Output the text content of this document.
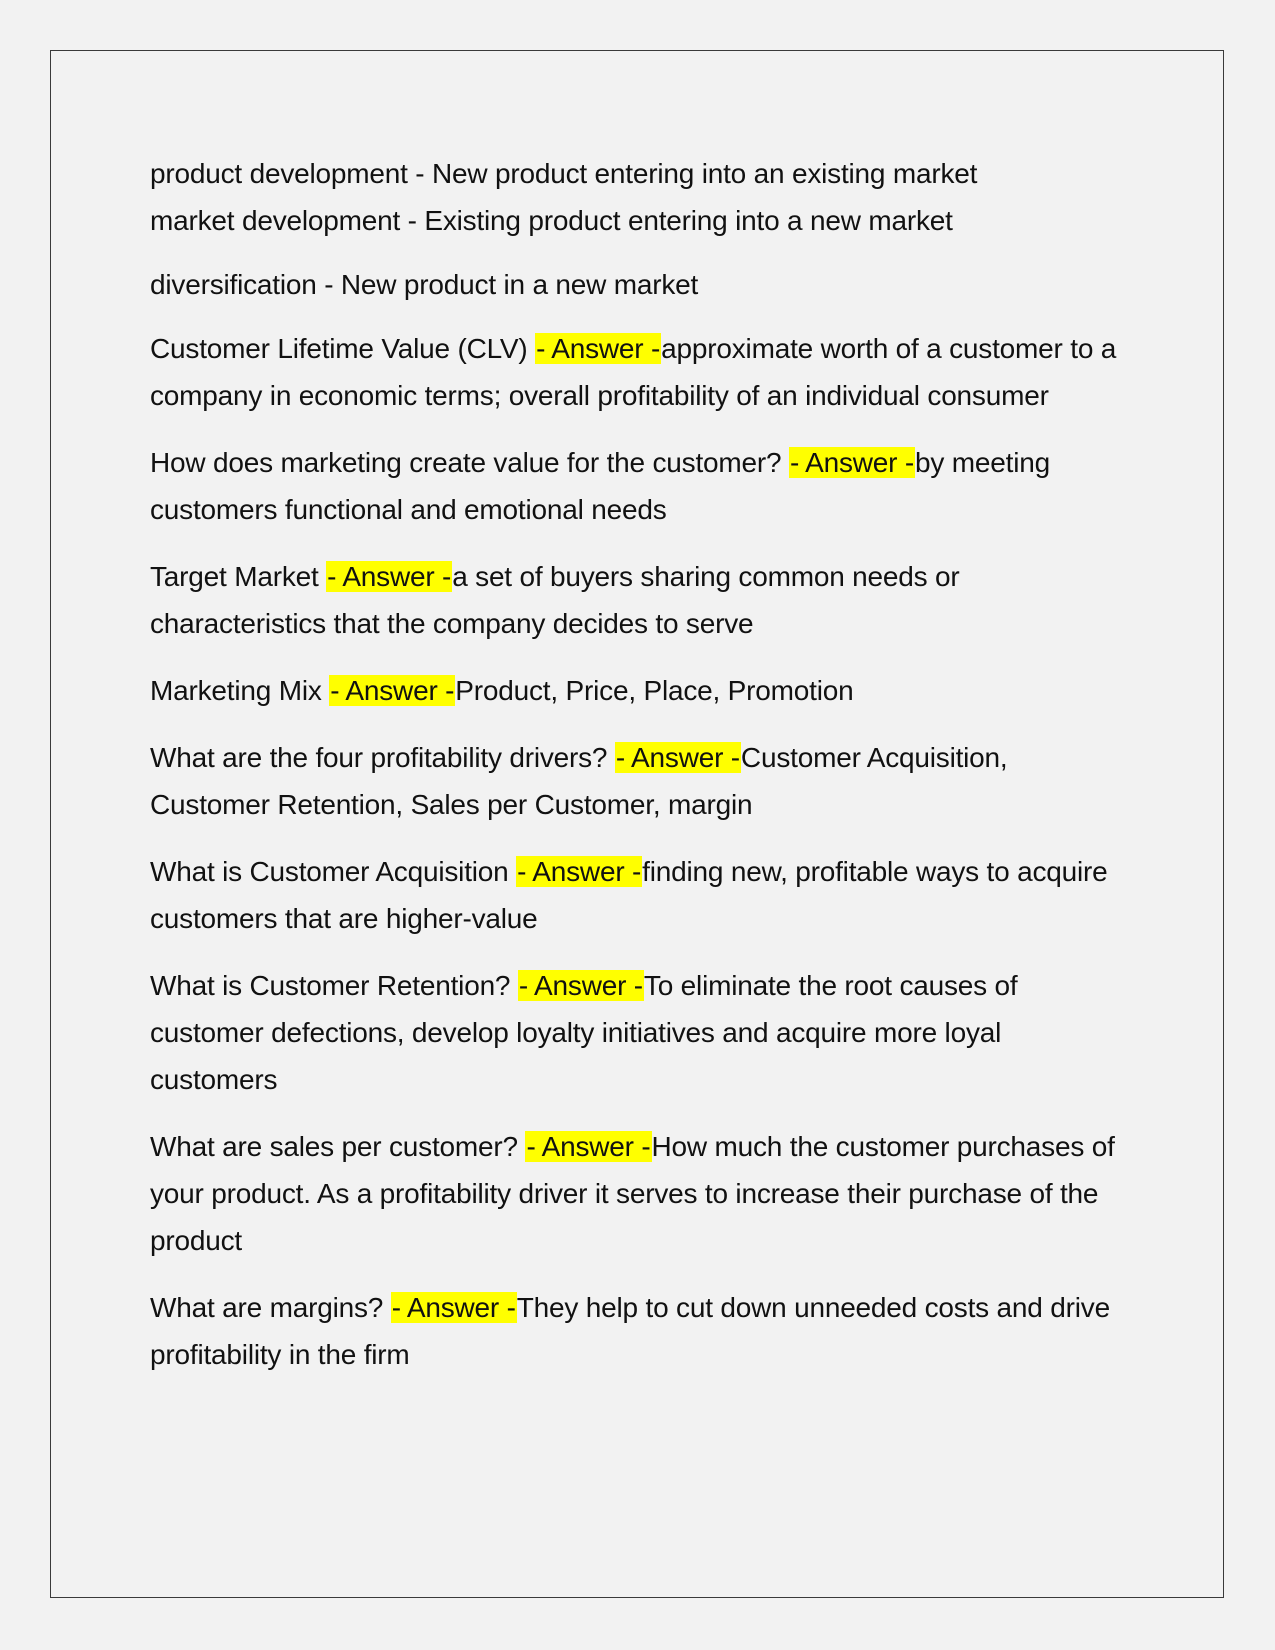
product development - New product entering into an existing market

market development - Existing product entering into a new market

diversification - New product in a new market

Customer Lifetime Value (CLV) - Answer -approximate worth of a customer to a company in economic terms; overall profitability of an individual consumer

How does marketing create value for the customer? - Answer -by meeting customers functional and emotional needs

Target Market - Answer -a set of buyers sharing common needs or characteristics that the company decides to serve

Marketing Mix - Answer -Product, Price, Place, Promotion

What are the four profitability drivers? - Answer -Customer Acquisition, Customer Retention, Sales per Customer, margin

What is Customer Acquisition - Answer -finding new, profitable ways to acquire customers that are higher-value

What is Customer Retention? - Answer -To eliminate the root causes of customer defections, develop loyalty initiatives and acquire more loyal customers

What are sales per customer? - Answer -How much the customer purchases of your product. As a profitability driver it serves to increase their purchase of the product

What are margins? - Answer -They help to cut down unneeded costs and drive profitability in the firm
